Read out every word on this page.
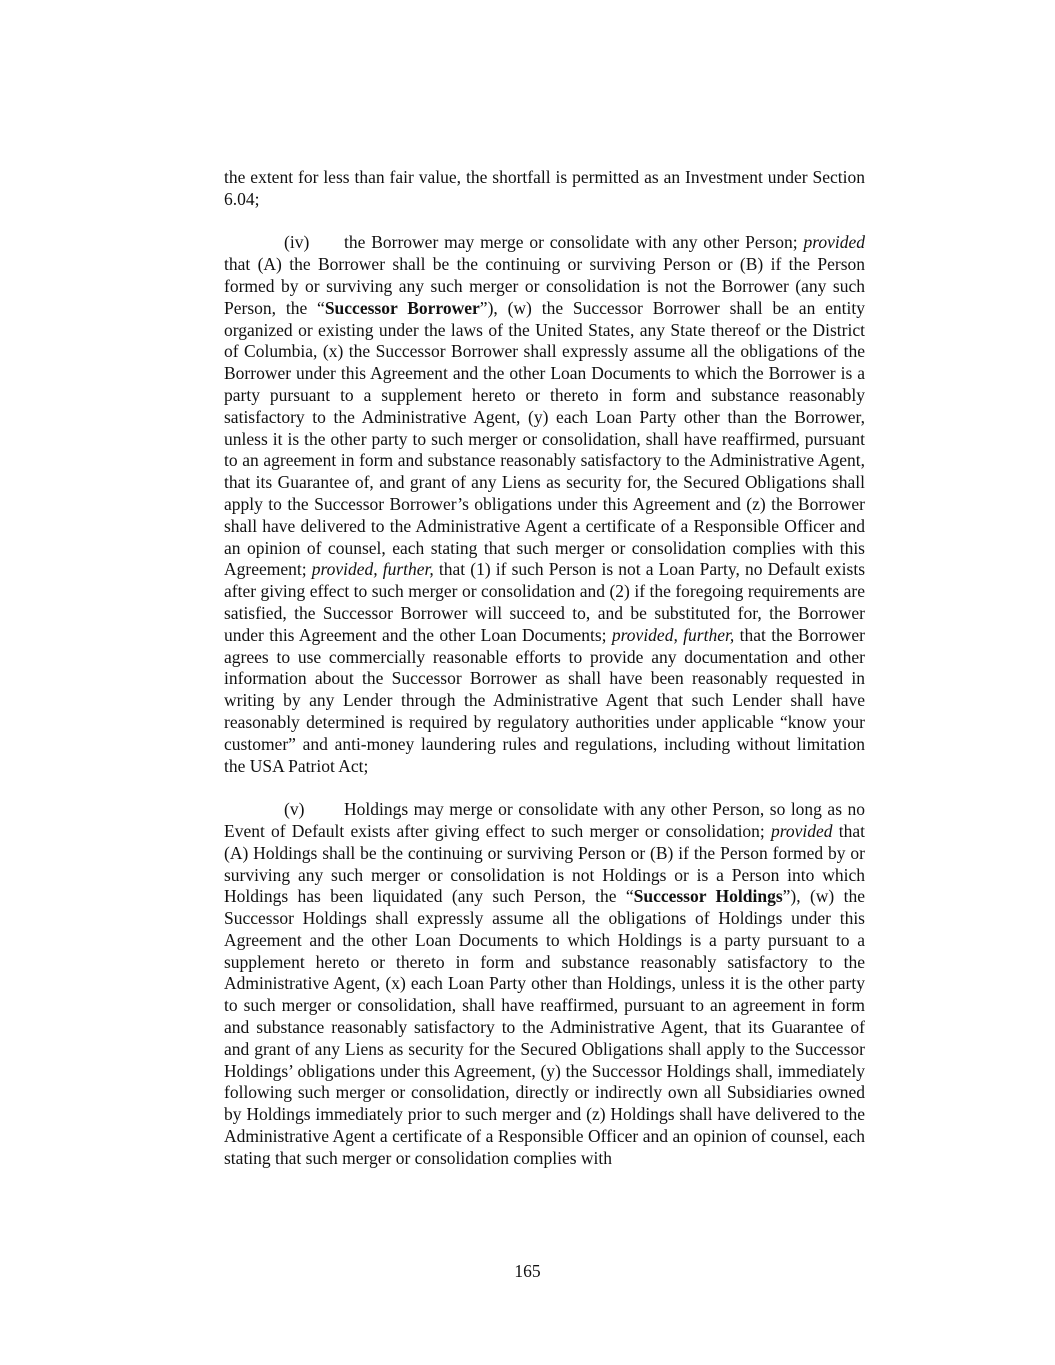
the extent for less than fair value, the shortfall is permitted as an Investment under Section 6.04;

(iv) the Borrower may merge or consolidate with any other Person; provided that (A) the Borrower shall be the continuing or surviving Person or (B) if the Person formed by or surviving any such merger or consolidation is not the Borrower (any such Person, the “Successor Borrower”), (w) the Successor Borrower shall be an entity organized or existing under the laws of the United States, any State thereof or the District of Columbia, (x) the Successor Borrower shall expressly assume all the obligations of the Borrower under this Agreement and the other Loan Documents to which the Borrower is a party pursuant to a supplement hereto or thereto in form and substance reasonably satisfactory to the Administrative Agent, (y) each Loan Party other than the Borrower, unless it is the other party to such merger or consolidation, shall have reaffirmed, pursuant to an agreement in form and substance reasonably satisfactory to the Administrative Agent, that its Guarantee of, and grant of any Liens as security for, the Secured Obligations shall apply to the Successor Borrower’s obligations under this Agreement and (z) the Borrower shall have delivered to the Administrative Agent a certificate of a Responsible Officer and an opinion of counsel, each stating that such merger or consolidation complies with this Agreement; provided, further, that (1) if such Person is not a Loan Party, no Default exists after giving effect to such merger or consolidation and (2) if the foregoing requirements are satisfied, the Successor Borrower will succeed to, and be substituted for, the Borrower under this Agreement and the other Loan Documents; provided, further, that the Borrower agrees to use commercially reasonable efforts to provide any documentation and other information about the Successor Borrower as shall have been reasonably requested in writing by any Lender through the Administrative Agent that such Lender shall have reasonably determined is required by regulatory authorities under applicable “know your customer” and anti-money laundering rules and regulations, including without limitation the USA Patriot Act;

(v) Holdings may merge or consolidate with any other Person, so long as no Event of Default exists after giving effect to such merger or consolidation; provided that (A) Holdings shall be the continuing or surviving Person or (B) if the Person formed by or surviving any such merger or consolidation is not Holdings or is a Person into which Holdings has been liquidated (any such Person, the “Successor Holdings”), (w) the Successor Holdings shall expressly assume all the obligations of Holdings under this Agreement and the other Loan Documents to which Holdings is a party pursuant to a supplement hereto or thereto in form and substance reasonably satisfactory to the Administrative Agent, (x) each Loan Party other than Holdings, unless it is the other party to such merger or consolidation, shall have reaffirmed, pursuant to an agreement in form and substance reasonably satisfactory to the Administrative Agent, that its Guarantee of and grant of any Liens as security for the Secured Obligations shall apply to the Successor Holdings’ obligations under this Agreement, (y) the Successor Holdings shall, immediately following such merger or consolidation, directly or indirectly own all Subsidiaries owned by Holdings immediately prior to such merger and (z) Holdings shall have delivered to the Administrative Agent a certificate of a Responsible Officer and an opinion of counsel, each stating that such merger or consolidation complies with

165
